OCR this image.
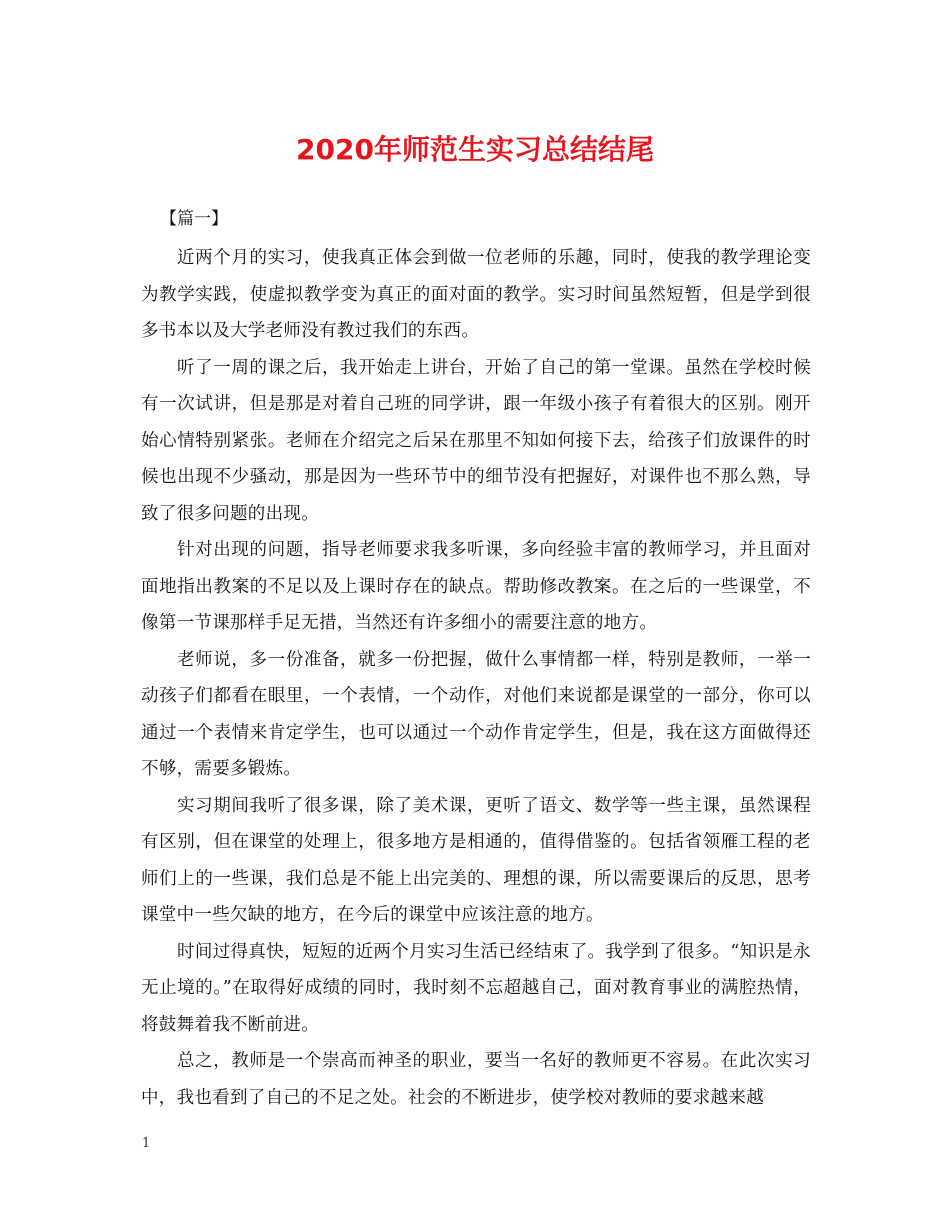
2020年师范生实习总结结尾
【篇一】

近两个月的实习，使我真正体会到做一位老师的乐趣，同时，使我的教学理论变为教学实践，使虚拟教学变为真正的面对面的教学。实习时间虽然短暂，但是学到很多书本以及大学老师没有教过我们的东西。

听了一周的课之后，我开始走上讲台，开始了自己的第一堂课。虽然在学校时候有一次试讲，但是那是对着自己班的同学讲，跟一年级小孩子有着很大的区别。刚开始心情特别紧张。老师在介绍完之后呆在那里不知如何接下去，给孩子们放课件的时候也出现不少骚动，那是因为一些环节中的细节没有把握好，对课件也不那么熟，导致了很多问题的出现。

针对出现的问题，指导老师要求我多听课，多向经验丰富的教师学习，并且面对面地指出教案的不足以及上课时存在的缺点。帮助修改教案。在之后的一些课堂，不像第一节课那样手足无措，当然还有许多细小的需要注意的地方。

老师说，多一份准备，就多一份把握，做什么事情都一样，特别是教师，一举一动孩子们都看在眼里，一个表情，一个动作，对他们来说都是课堂的一部分，你可以通过一个表情来肯定学生，也可以通过一个动作肯定学生，但是，我在这方面做得还不够，需要多锻炼。

实习期间我听了很多课，除了美术课，更听了语文、数学等一些主课，虽然课程有区别，但在课堂的处理上，很多地方是相通的，值得借鉴的。包括省领雁工程的老师们上的一些课，我们总是不能上出完美的、理想的课，所以需要课后的反思，思考课堂中一些欠缺的地方，在今后的课堂中应该注意的地方。

时间过得真快，短短的近两个月实习生活已经结束了。我学到了很多。“知识是永无止境的。”在取得好成绩的同时，我时刻不忘超越自己，面对教育事业的满腔热情，将鼓舞着我不断前进。

总之，教师是一个崇高而神圣的职业，要当一名好的教师更不容易。在此次实习中，我也看到了自己的不足之处。社会的不断进步，使学校对教师的要求越来越

1
